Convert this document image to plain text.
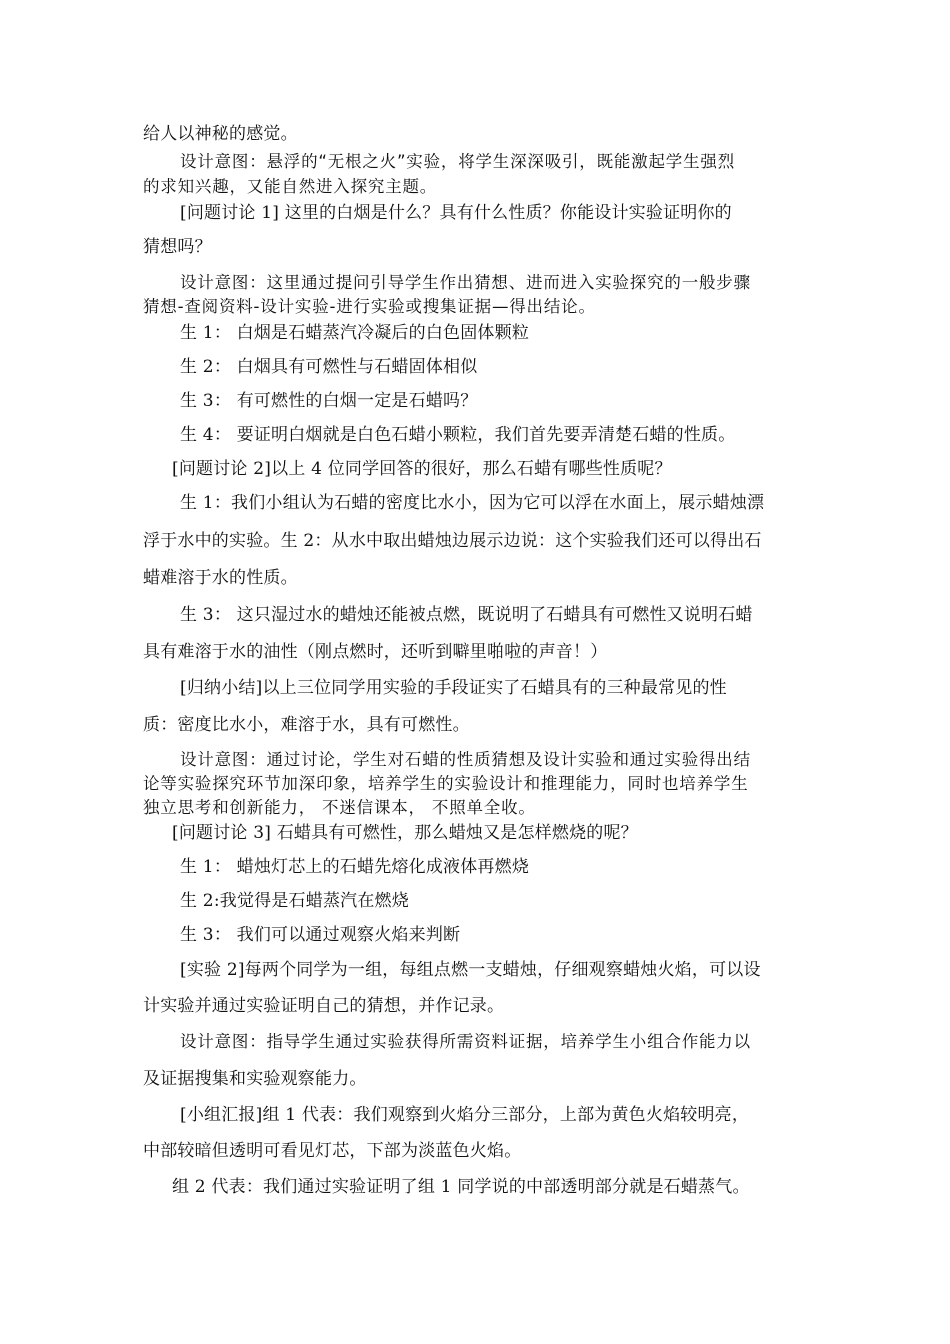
给人以神秘的感觉。
设计意图：悬浮的“无根之火”实验，将学生深深吸引，既能激起学生强烈
的求知兴趣，又能自然进入探究主题。
[问题讨论 1] 这里的白烟是什么？具有什么性质？你能设计实验证明你的
猜想吗？
设计意图：这里通过提问引导学生作出猜想、进而进入实验探究的一般步骤
猜想-查阅资料-设计实验-进行实验或搜集证据—得出结论。
生 1： 白烟是石蜡蒸汽冷凝后的白色固体颗粒
生 2： 白烟具有可燃性与石蜡固体相似
生 3： 有可燃性的白烟一定是石蜡吗？
生 4： 要证明白烟就是白色石蜡小颗粒，我们首先要弄清楚石蜡的性质。
[问题讨论 2]以上 4 位同学回答的很好，那么石蜡有哪些性质呢？
生 1：我们小组认为石蜡的密度比水小，因为它可以浮在水面上，展示蜡烛漂
浮于水中的实验。生 2：从水中取出蜡烛边展示边说：这个实验我们还可以得出石
蜡难溶于水的性质。
生 3： 这只湿过水的蜡烛还能被点燃，既说明了石蜡具有可燃性又说明石蜡
具有难溶于水的油性（刚点燃时，还听到噼里啪啦的声音！）
[归纳小结]以上三位同学用实验的手段证实了石蜡具有的三种最常见的性
质：密度比水小，难溶于水，具有可燃性。
设计意图：通过讨论，学生对石蜡的性质猜想及设计实验和通过实验得出结
论等实验探究环节加深印象，培养学生的实验设计和推理能力，同时也培养学生
独立思考和创新能力， 不迷信课本， 不照单全收。
[问题讨论 3] 石蜡具有可燃性，那么蜡烛又是怎样燃烧的呢？
生 1： 蜡烛灯芯上的石蜡先熔化成液体再燃烧
生 2:我觉得是石蜡蒸汽在燃烧
生 3： 我们可以通过观察火焰来判断
[实验 2]每两个同学为一组，每组点燃一支蜡烛，仔细观察蜡烛火焰，可以设
计实验并通过实验证明自己的猜想，并作记录。
设计意图：指导学生通过实验获得所需资料证据，培养学生小组合作能力以
及证据搜集和实验观察能力。
[小组汇报]组 1 代表：我们观察到火焰分三部分，上部为黄色火焰较明亮，
中部较暗但透明可看见灯芯，下部为淡蓝色火焰。
组 2 代表：我们通过实验证明了组 1 同学说的中部透明部分就是石蜡蒸气。
